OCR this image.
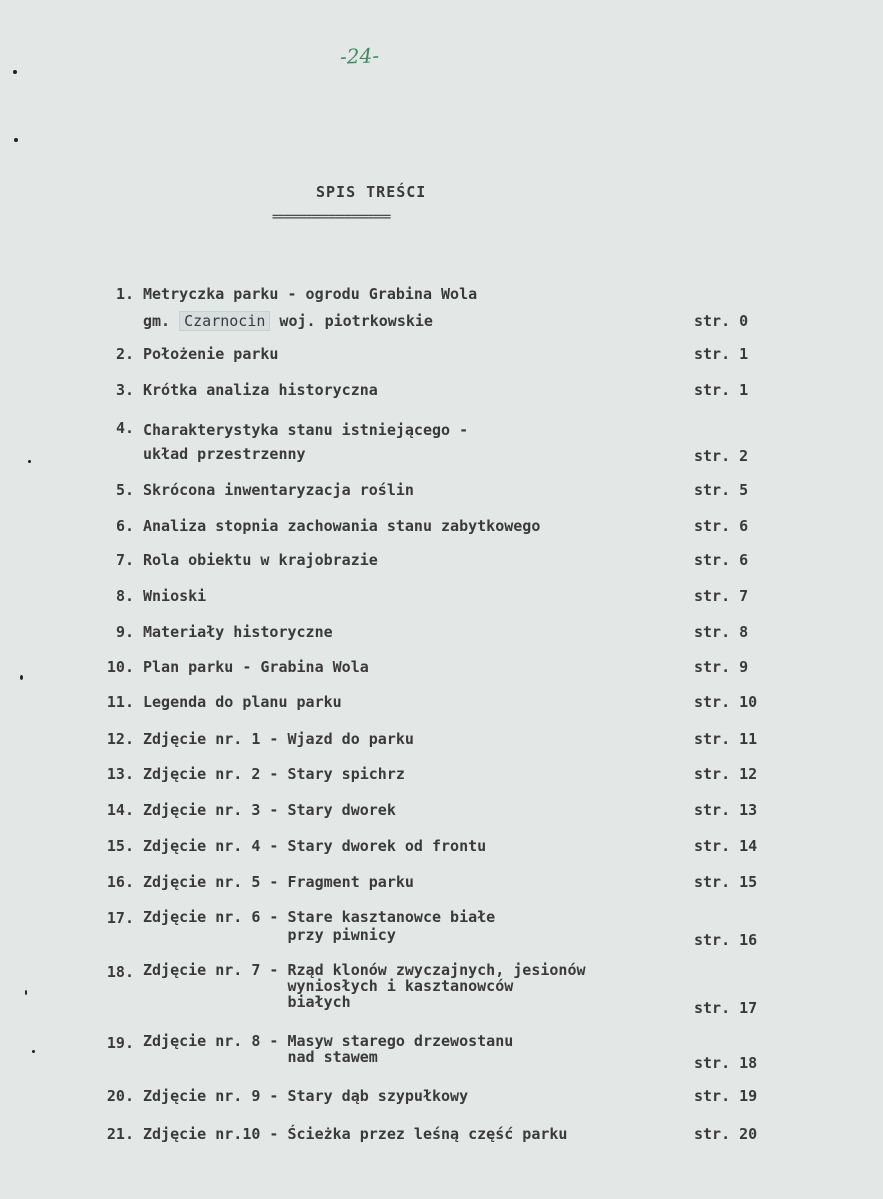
-24-
SPIS TREŚCI
=====================
1. Metryczka parku - ogrodu Grabina Wola
gm. Czarnocin woj. piotrkowskie	str. 0
2. Położenie parku	str. 1
3. Krótka analiza historyczna	str. 1
4. Charakterystyka stanu istniejącego -
układ przestrzenny	str. 2
5. Skrócona inwentaryzacja roślin	str. 5
6. Analiza stopnia zachowania stanu zabytkowego	str. 6
7. Rola obiektu w krajobrazie	str. 6
8. Wnioski	str. 7
9. Materiały historyczne	str. 8
10. Plan parku - Grabina Wola	str. 9
11. Legenda do planu parku	str. 10
12. Zdjęcie nr. 1 - Wjazd do parku	str. 11
13. Zdjęcie nr. 2 - Stary spichrz	str. 12
14. Zdjęcie nr. 3 - Stary dworek	str. 13
15. Zdjęcie nr. 4 - Stary dworek od frontu	str. 14
16. Zdjęcie nr. 5 - Fragment parku	str. 15
17. Zdjęcie nr. 6 - Stare kasztanowce białe
przy piwnicy	str. 16
18. Zdjęcie nr. 7 - Rząd klonów zwyczajnych, jesionów
wyniosłych i kasztanowców
białych	str. 17
19. Zdjęcie nr. 8 - Masyw starego drzewostanu
nad stawem	str. 18
20. Zdjęcie nr. 9 - Stary dąb szypułkowy	str. 19
21. Zdjęcie nr.10 - Ścieżka przez leśną część parku	str. 20
